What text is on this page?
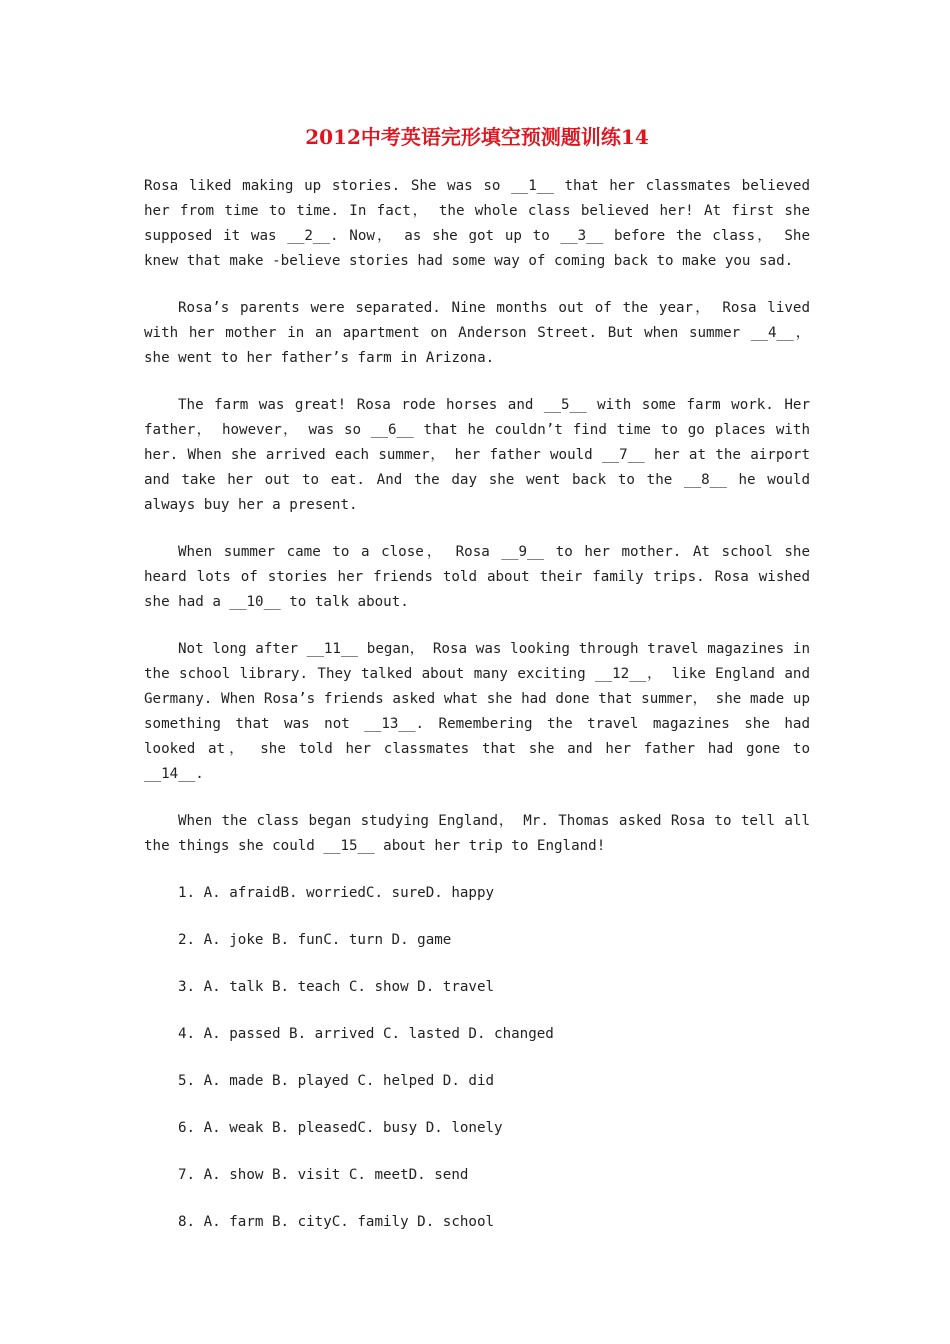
2012中考英语完形填空预测题训练14

Rosa liked making up stories. She was so __1__ that her classmates believed her from time to time. In fact， the whole class believed her! At first she supposed it was __2__. Now， as she got up to __3__ before the class， She knew that make -believe stories had some way of coming back to make you sad.

Rosa’s parents were separated. Nine months out of the year， Rosa lived with her mother in an apartment on Anderson Street. But when summer __4__， she went to her father’s farm in Arizona.

The farm was great! Rosa rode horses and __5__ with some farm work. Her father， however， was so __6__ that he couldn’t find time to go places with her. When she arrived each summer， her father would __7__ her at the airport and take her out to eat. And the day she went back to the __8__ he would always buy her a present.

When summer came to a close， Rosa __9__ to her mother. At school she heard lots of stories her friends told about their family trips. Rosa wished she had a __10__ to talk about.

Not long after __11__ began， Rosa was looking through travel magazines in the school library. They talked about many exciting __12__， like England and Germany. When Rosa’s friends asked what she had done that summer， she made up something that was not __13__. Remembering the travel magazines she had looked at， she told her classmates that she and her father had gone to __14__.

When the class began studying England， Mr. Thomas asked Rosa to tell all the things she could __15__ about her trip to England!

1. A. afraidB. worriedC. sureD. happy
2. A. joke B. funC. turn D. game
3. A. talk B. teach C. show D. travel
4. A. passed B. arrived C. lasted D. changed
5. A. made B. played C. helped D. did
6. A. weak B. pleasedC. busy D. lonely
7. A. show B. visit C. meetD. send
8. A. farm B. cityC. family D. school
